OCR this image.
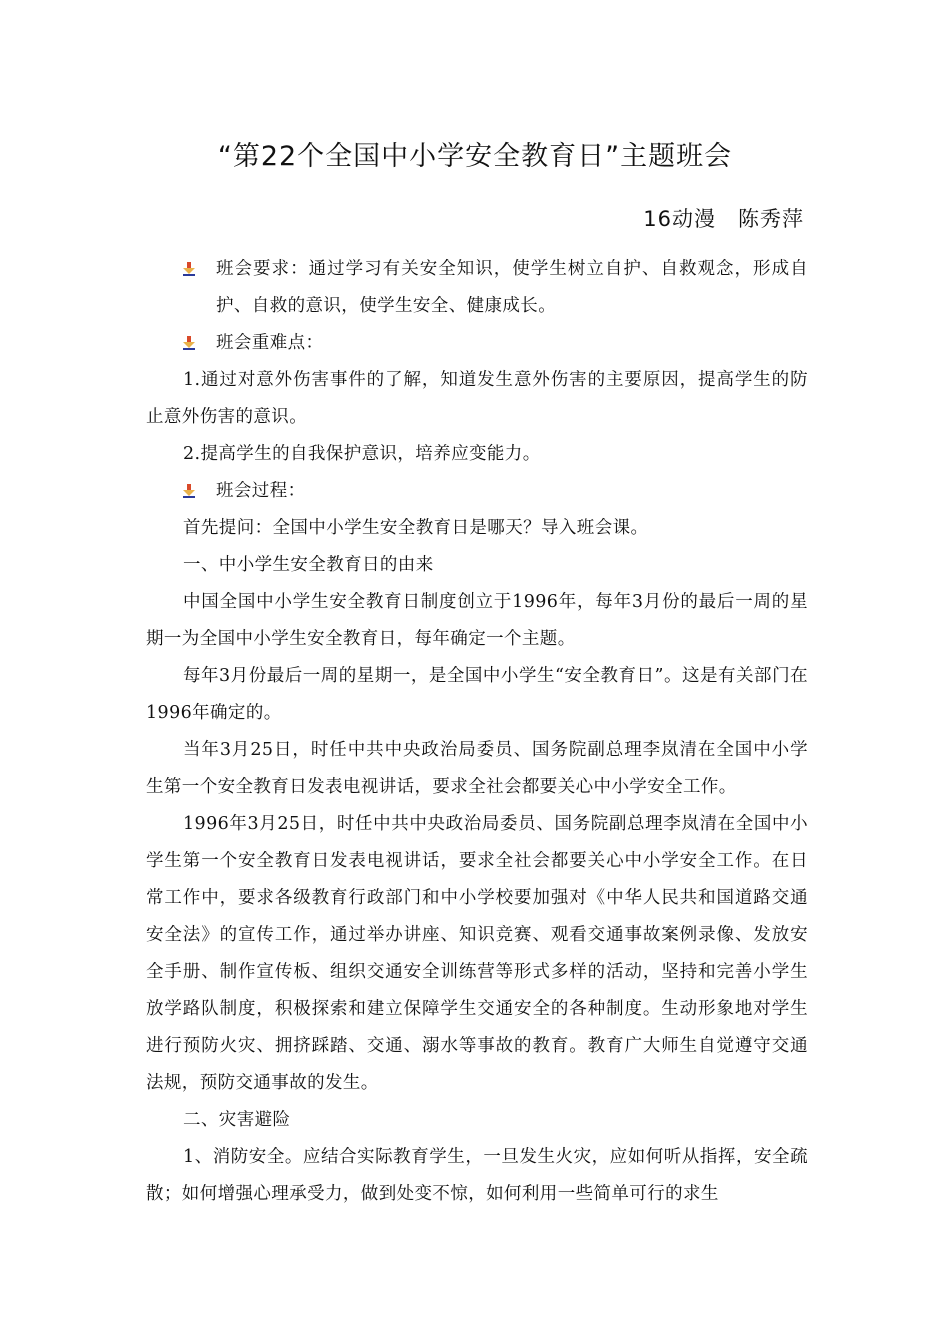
“第22个全国中小学安全教育日”主题班会
16动漫　陈秀萍

班会要求：通过学习有关安全知识，使学生树立自护、自救观念，形成自护、自救的意识，使学生安全、健康成长。

班会重难点：

1.通过对意外伤害事件的了解，知道发生意外伤害的主要原因，提高学生的防止意外伤害的意识。

2.提高学生的自我保护意识，培养应变能力。

班会过程：

首先提问：全国中小学生安全教育日是哪天？导入班会课。

一、中小学生安全教育日的由来

中国全国中小学生安全教育日制度创立于1996年，每年3月份的最后一周的星期一为全国中小学生安全教育日，每年确定一个主题。

每年3月份最后一周的星期一，是全国中小学生“安全教育日”。这是有关部门在1996年确定的。

当年3月25日，时任中共中央政治局委员、国务院副总理李岚清在全国中小学生第一个安全教育日发表电视讲话，要求全社会都要关心中小学安全工作。

1996年3月25日，时任中共中央政治局委员、国务院副总理李岚清在全国中小学生第一个安全教育日发表电视讲话，要求全社会都要关心中小学安全工作。在日常工作中，要求各级教育行政部门和中小学校要加强对《中华人民共和国道路交通安全法》的宣传工作，通过举办讲座、知识竞赛、观看交通事故案例录像、发放安全手册、制作宣传板、组织交通安全训练营等形式多样的活动，坚持和完善小学生放学路队制度，积极探索和建立保障学生交通安全的各种制度。生动形象地对学生进行预防火灾、拥挤踩踏、交通、溺水等事故的教育。教育广大师生自觉遵守交通法规，预防交通事故的发生。

二、灾害避险

1、消防安全。应结合实际教育学生，一旦发生火灾，应如何听从指挥，安全疏散；如何增强心理承受力，做到处变不惊，如何利用一些简单可行的求生
